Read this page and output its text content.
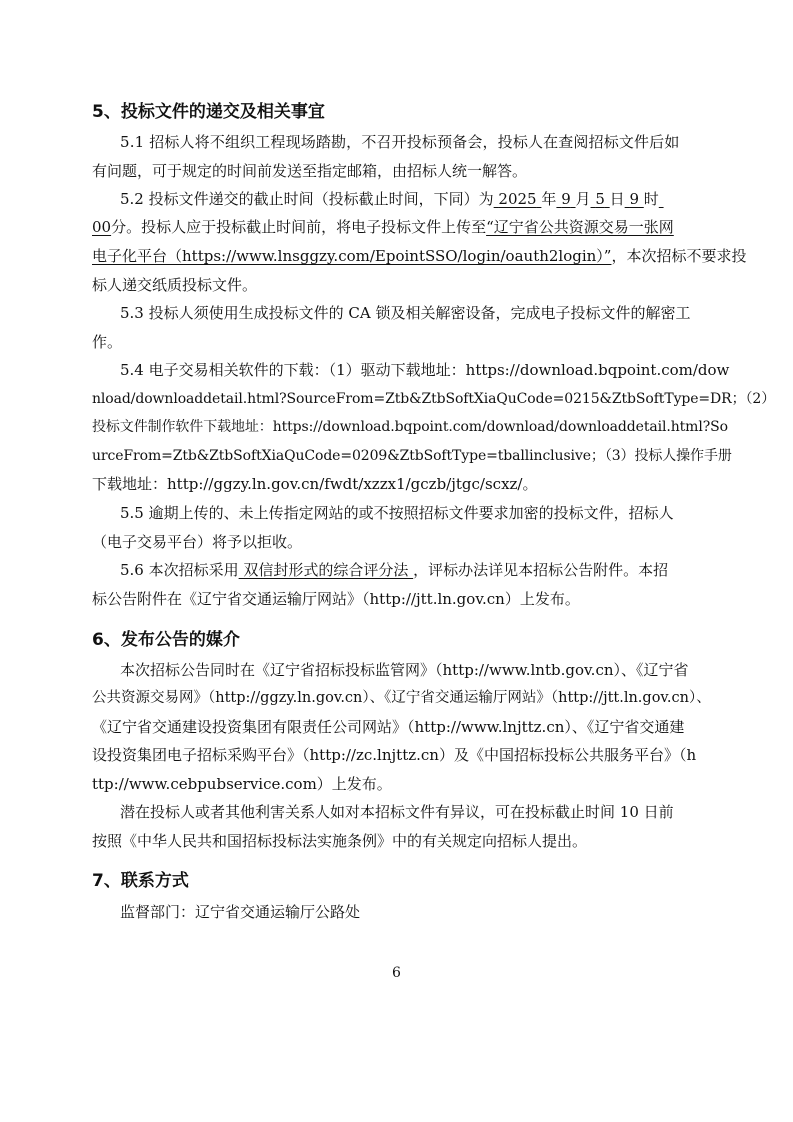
5、投标文件的递交及相关事宜
5.1 招标人将不组织工程现场踏勘，不召开投标预备会，投标人在查阅招标文件后如
有问题，可于规定的时间前发送至指定邮箱，由招标人统一解答。
5.2 投标文件递交的截止时间（投标截止时间，下同）为 2025 年 9 月 5 日 9 时
00分。投标人应于投标截止时间前，将电子投标文件上传至“辽宁省公共资源交易一张网
电子化平台（https://www.lnsggzy.com/EpointSSO/login/oauth2login）”，本次招标不要求投
标人递交纸质投标文件。
5.3 投标人须使用生成投标文件的 CA 锁及相关解密设备，完成电子投标文件的解密工
作。
5.4 电子交易相关软件的下载：（1）驱动下载地址：https://download.bqpoint.com/dow
nload/downloaddetail.html?SourceFrom=Ztb&ZtbSoftXiaQuCode=0215&ZtbSoftType=DR；（2）
投标文件制作软件下载地址：https://download.bqpoint.com/download/downloaddetail.html?So
urceFrom=Ztb&ZtbSoftXiaQuCode=0209&ZtbSoftType=tballinclusive；（3）投标人操作手册
下载地址：http://ggzy.ln.gov.cn/fwdt/xzzx1/gczb/jtgc/scxz/。
5.5 逾期上传的、未上传指定网站的或不按照招标文件要求加密的投标文件，招标人
（电子交易平台）将予以拒收。
5.6 本次招标采用 双信封形式的综合评分法 ，评标办法详见本招标公告附件。本招
标公告附件在《辽宁省交通运输厅网站》（http://jtt.ln.gov.cn）上发布。
6、发布公告的媒介
本次招标公告同时在《辽宁省招标投标监管网》（http://www.lntb.gov.cn）、《辽宁省
公共资源交易网》（http://ggzy.ln.gov.cn）、《辽宁省交通运输厅网站》（http://jtt.ln.gov.cn）、
《辽宁省交通建设投资集团有限责任公司网站》（http://www.lnjttz.cn）、《辽宁省交通建
设投资集团电子招标采购平台》（http://zc.lnjttz.cn）及《中国招标投标公共服务平台》（h
ttp://www.cebpubservice.com）上发布。
潜在投标人或者其他利害关系人如对本招标文件有异议，可在投标截止时间 10 日前
按照《中华人民共和国招标投标法实施条例》中的有关规定向招标人提出。
7、联系方式
监督部门：辽宁省交通运输厅公路处
6
